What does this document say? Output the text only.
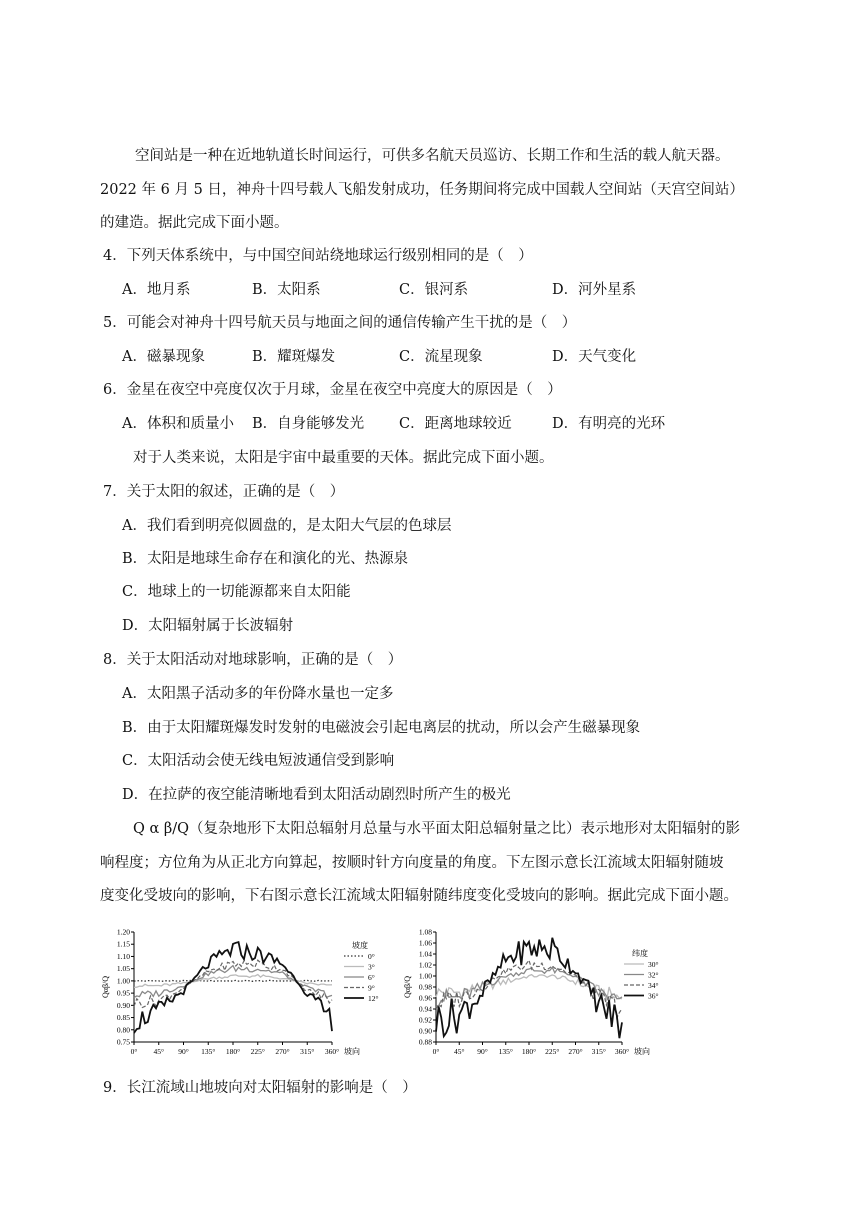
空间站是一种在近地轨道长时间运行，可供多名航天员巡访、长期工作和生活的载人航天器。
2022 年 6 月 5 日，神舟十四号载人飞船发射成功，任务期间将完成中国载人空间站（天宫空间站）
的建造。据此完成下面小题。
4．下列天体系统中，与中国空间站绕地球运行级别相同的是（　）
A．地月系	B．太阳系	C．银河系	D．河外星系
5．可能会对神舟十四号航天员与地面之间的通信传输产生干扰的是（　）
A．磁暴现象	B．耀斑爆发	C．流星现象	D．天气变化
6．金星在夜空中亮度仅次于月球，金星在夜空中亮度大的原因是（　）
A．体积和质量小 B．自身能够发光 C．距离地球较近	D．有明亮的光环
对于人类来说，太阳是宇宙中最重要的天体。据此完成下面小题。
7．关于太阳的叙述，正确的是（　）
A．我们看到明亮似圆盘的，是太阳大气层的色球层
B．太阳是地球生命存在和演化的光、热源泉
C．地球上的一切能源都来自太阳能
D．太阳辐射属于长波辐射
8．关于太阳活动对地球影响，正确的是（　）
A．太阳黑子活动多的年份降水量也一定多
B．由于太阳耀斑爆发时发射的电磁波会引起电离层的扰动，所以会产生磁暴现象
C．太阳活动会使无线电短波通信受到影响
D．在拉萨的夜空能清晰地看到太阳活动剧烈时所产生的极光
Q α β/Q（复杂地形下太阳总辐射月总量与水平面太阳总辐射量之比）表示地形对太阳辐射的影
响程度；方位角为从正北方向算起，按顺时针方向度量的角度。下左图示意长江流域太阳辐射随坡
度变化受坡向的影响，下右图示意长江流域太阳辐射随纬度变化受坡向的影响。据此完成下面小题。
0.75
0.80
0.85
0.90
0.95
1.00
1.05
1.10
1.15
1.20
0° 45° 90° 135° 180° 225° 270° 315° 360° 坡向
Qαβ/Q
坡度
0°
3°
6°
9°
12°
0.88
0.90
0.92
0.94
0.96
0.98
1.00
1.02
1.04
1.06
1.08
0° 45° 90° 135° 180° 225° 270° 315° 360° 坡向
Qαβ/Q
纬度
30°
32°
34°
36°
9．长江流域山地坡向对太阳辐射的影响是（　）
